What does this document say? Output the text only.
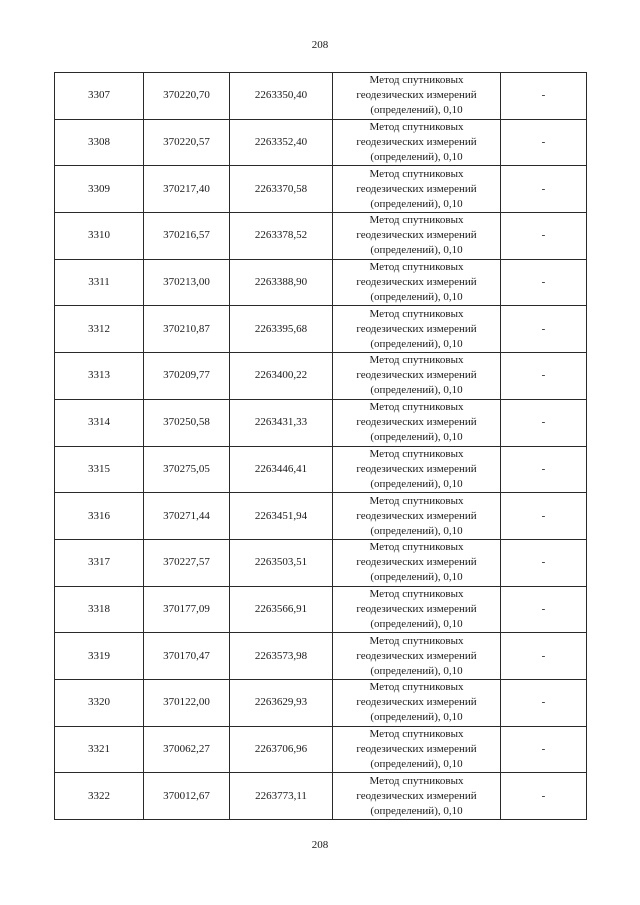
208
3307	370220,70	2263350,40	Метод спутниковых
геодезических измерений
(определений), 0,10	-
3308	370220,57	2263352,40	Метод спутниковых
геодезических измерений
(определений), 0,10	-
3309	370217,40	2263370,58	Метод спутниковых
геодезических измерений
(определений), 0,10	-
3310	370216,57	2263378,52	Метод спутниковых
геодезических измерений
(определений), 0,10	-
3311	370213,00	2263388,90	Метод спутниковых
геодезических измерений
(определений), 0,10	-
3312	370210,87	2263395,68	Метод спутниковых
геодезических измерений
(определений), 0,10	-
3313	370209,77	2263400,22	Метод спутниковых
геодезических измерений
(определений), 0,10	-
3314	370250,58	2263431,33	Метод спутниковых
геодезических измерений
(определений), 0,10	-
3315	370275,05	2263446,41	Метод спутниковых
геодезических измерений
(определений), 0,10	-
3316	370271,44	2263451,94	Метод спутниковых
геодезических измерений
(определений), 0,10	-
3317	370227,57	2263503,51	Метод спутниковых
геодезических измерений
(определений), 0,10	-
3318	370177,09	2263566,91	Метод спутниковых
геодезических измерений
(определений), 0,10	-
3319	370170,47	2263573,98	Метод спутниковых
геодезических измерений
(определений), 0,10	-
3320	370122,00	2263629,93	Метод спутниковых
геодезических измерений
(определений), 0,10	-
3321	370062,27	2263706,96	Метод спутниковых
геодезических измерений
(определений), 0,10	-
3322	370012,67	2263773,11	Метод спутниковых
геодезических измерений
(определений), 0,10	-
208
